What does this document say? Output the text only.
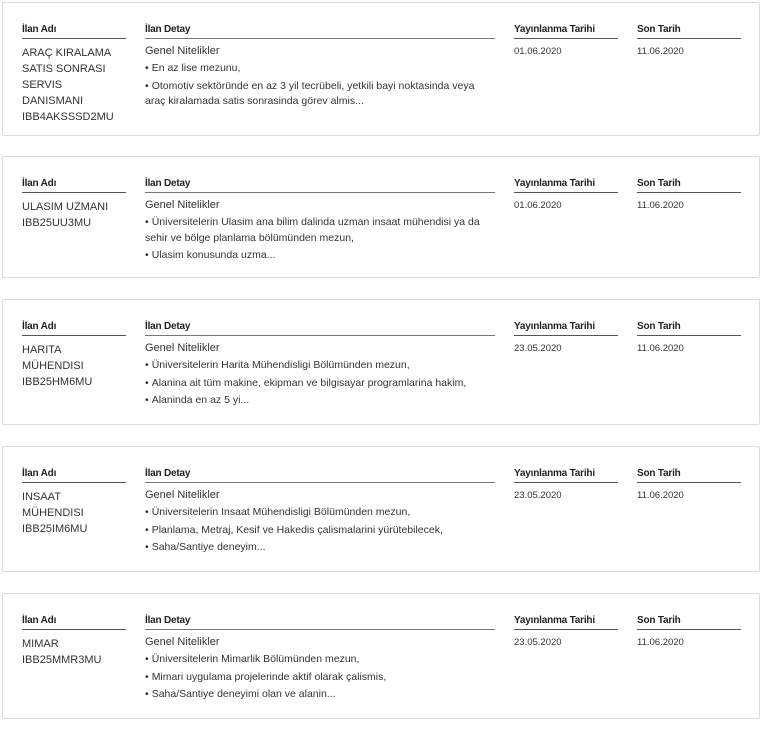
İlan Adı
ARAÇ KIRALAMA
SATIS SONRASI
SERVIS
DANISMANI
IBB4AKSSSD2MU
İlan Detay
Genel Nitelikler
• En az lise mezunu,
• Otomotiv sektöründe en az 3 yil tecrübeli, yetkili bayi noktasinda veya araç kiralamada satis sonrasinda görev almis...
Yayınlanma Tarihi
01.06.2020
Son Tarih
11.06.2020
İlan Adı
ULASIM UZMANI
IBB25UU3MU
İlan Detay
Genel Nitelikler
• Üniversitelerin Ulasim ana bilim dalinda uzman insaat mühendisi ya da sehir ve bölge planlama bölümünden mezun,
• Ulasim konusunda uzma...
Yayınlanma Tarihi
01.06.2020
Son Tarih
11.06.2020
İlan Adı
HARITA
MÜHENDISI
IBB25HM6MU
İlan Detay
Genel Nitelikler
• Üniversitelerin Harita Mühendisligi Bölümünden mezun,
• Alanina ait tüm makine, ekipman ve bilgisayar programlarina hakim,
• Alaninda en az 5 yi...
Yayınlanma Tarihi
23.05.2020
Son Tarih
11.06.2020
İlan Adı
INSAAT
MÜHENDISI
IBB25IM6MU
İlan Detay
Genel Nitelikler
• Üniversitelerin Insaat Mühendisligi Bölümünden mezun,
• Planlama, Metraj, Kesif ve Hakedis çalismalarini yürütebilecek,
• Saha/Santiye deneyim...
Yayınlanma Tarihi
23.05.2020
Son Tarih
11.06.2020
İlan Adı
MIMAR
IBB25MMR3MU
İlan Detay
Genel Nitelikler
• Üniversitelerin Mimarlik Bölümünden mezun,
• Mimari uygulama projelerinde aktif olarak çalismis,
• Saha/Santiye deneyimi olan ve alanin...
Yayınlanma Tarihi
23.05.2020
Son Tarih
11.06.2020
